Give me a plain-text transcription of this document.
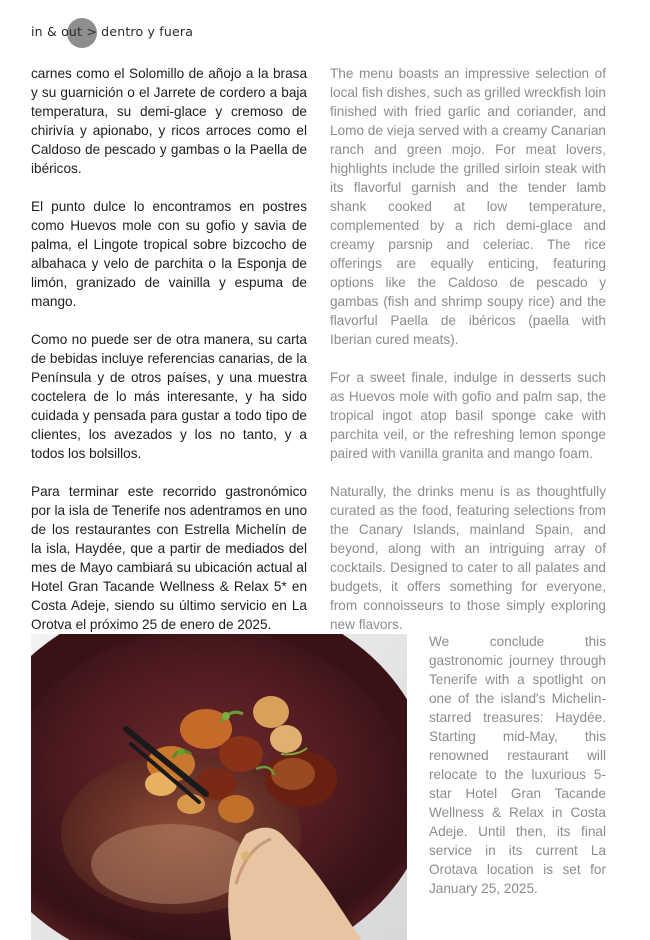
in & out > dentro y fuera

carnes como el Solomillo de añojo a la brasa y su guarnición o el Jarrete de cordero a baja temperatura, su demi-glace y cremoso de chirivía y apionabo, y ricos arroces como el Caldoso de pescado y gambas o la Paella de ibéricos.

El punto dulce lo encontramos en postres como Huevos mole con su gofio y savia de palma, el Lingote tropical sobre bizcocho de albahaca y velo de parchita o la Esponja de limón, granizado de vainilla y espuma de mango.

Como no puede ser de otra manera, su carta de bebidas incluye referencias canarias, de la Península y de otros países, y una muestra coctelera de lo más interesante, y ha sido cuidada y pensada para gustar a todo tipo de clientes, los avezados y los no tanto, y a todos los bolsillos.

Para terminar este recorrido gastronómico por la isla de Tenerife nos adentramos en uno de los restaurantes con Estrella Michelín de la isla, Haydée, que a partir de mediados del mes de Mayo cambiará su ubicación actual al Hotel Gran Tacande Wellness & Relax 5* en Costa Adeje, siendo su último servicio en La Orotva el próximo 25 de enero de 2025.

The menu boasts an impressive selection of local fish dishes, such as grilled wreckfish loin finished with fried garlic and coriander, and Lomo de vieja served with a creamy Canarian ranch and green mojo. For meat lovers, highlights include the grilled sirloin steak with its flavorful garnish and the tender lamb shank cooked at low temperature, complemented by a rich demi-glace and creamy parsnip and celeriac. The rice offerings are equally enticing, featuring options like the Caldoso de pescado y gambas (fish and shrimp soupy rice) and the flavorful Paella de ibéricos (paella with Iberian cured meats).

For a sweet finale, indulge in desserts such as Huevos mole with gofio and palm sap, the tropical ingot atop basil sponge cake with parchita veil, or the refreshing lemon sponge paired with vanilla granita and mango foam.

Naturally, the drinks menu is as thoughtfully curated as the food, featuring selections from the Canary Islands, mainland Spain, and beyond, along with an intriguing array of cocktails. Designed to cater to all palates and budgets, it offers something for everyone, from connoisseurs to those simply exploring new flavors.

We conclude this gastronomic journey through Tenerife with a spotlight on one of the island's Michelin-starred treasures: Haydée. Starting mid-May, this renowned restaurant will relocate to the luxurious 5-star Hotel Gran Tacande Wellness & Relax in Costa Adeje. Until then, its final service in its current La Orotava location is set for January 25, 2025.
